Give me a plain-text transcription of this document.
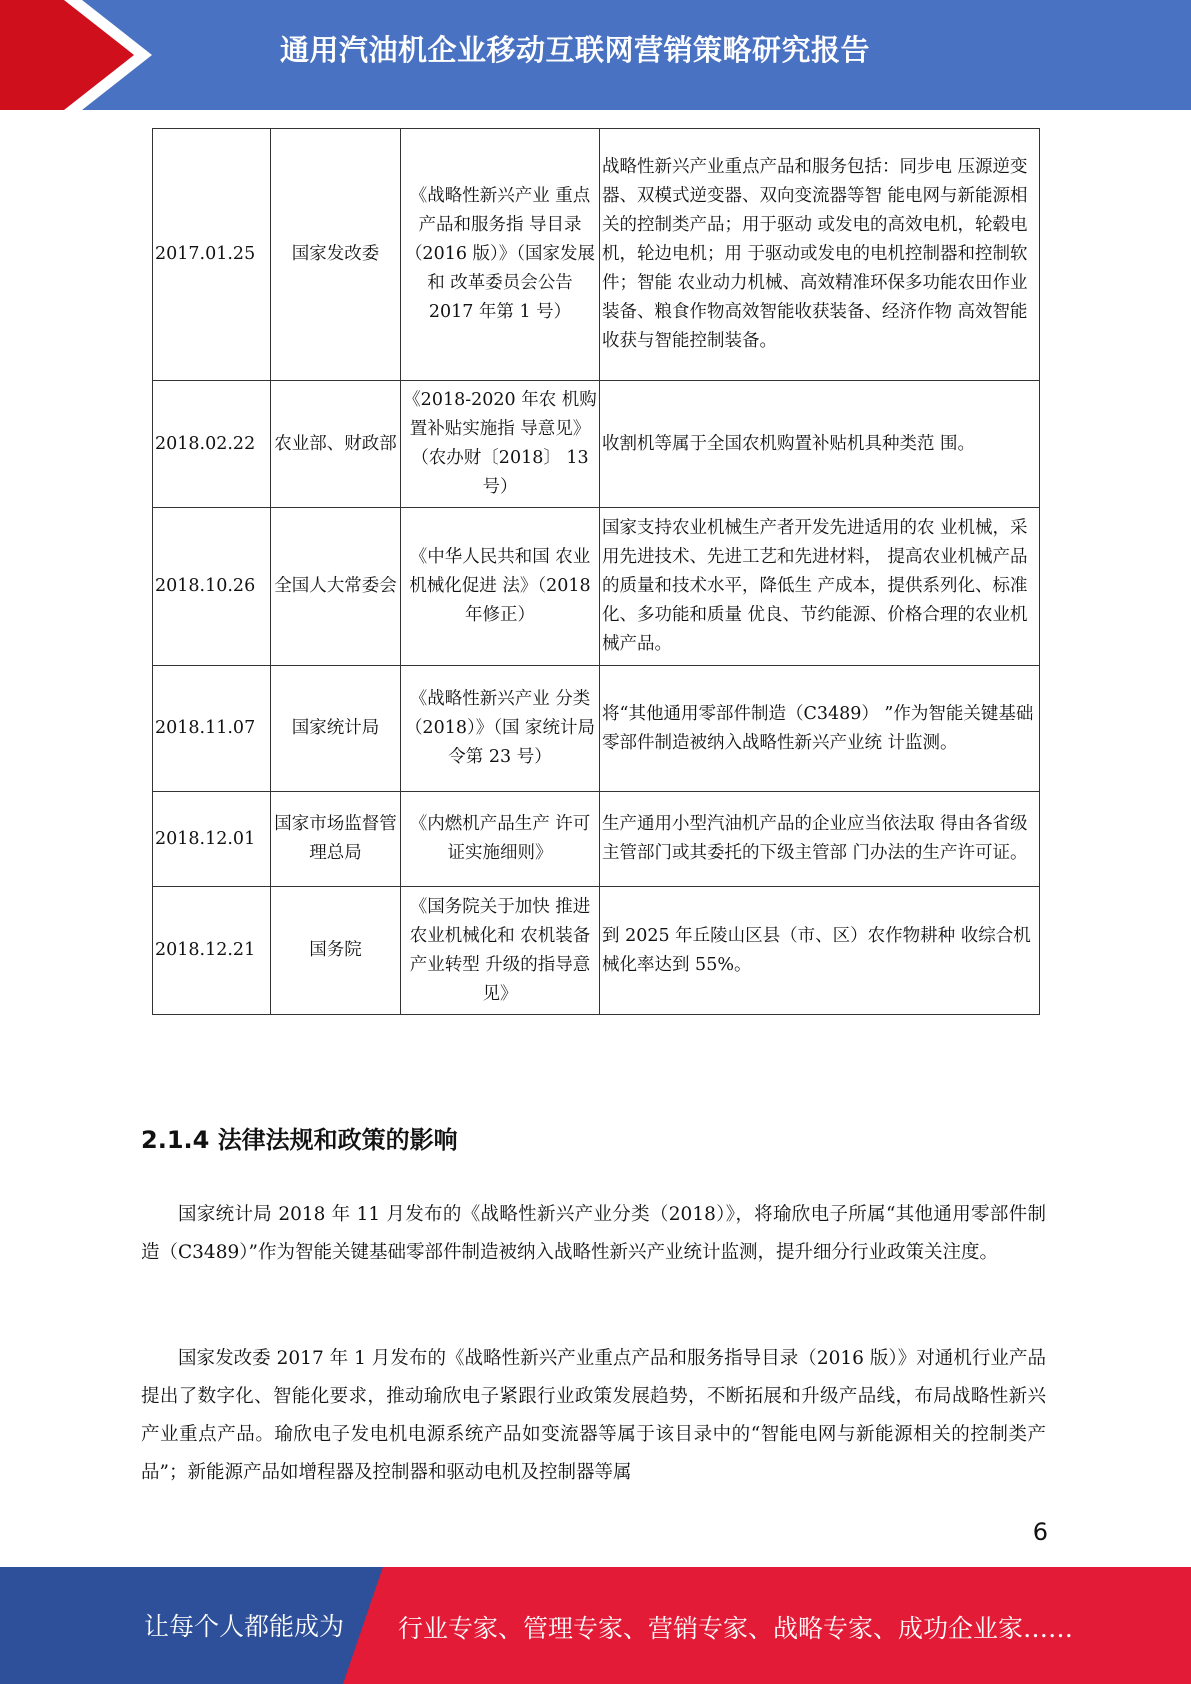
通用汽油机企业移动互联网营销策略研究报告
2017.01.25	国家发改委	《战略性新兴产业 重点产品和服务指 导目录（2016 版）》（国家发展和 改革委员会公告 2017 年第 1 号）	战略性新兴产业重点产品和服务包括：同步电 压源逆变器、双模式逆变器、双向变流器等智 能电网与新能源相关的控制类产品；用于驱动 或发电的高效电机，轮毂电机，轮边电机；用 于驱动或发电的电机控制器和控制软件；智能 农业动力机械、高效精准环保多功能农田作业 装备、粮食作物高效智能收获装备、经济作物 高效智能收获与智能控制装备。
2018.02.22	农业部、财政部	《2018-2020 年农 机购置补贴实施指 导意见》（农办财〔2018〕 13 号）	收割机等属于全国农机购置补贴机具种类范 围。
2018.10.26	全国人大常委会	《中华人民共和国 农业机械化促进 法》（2018 年修正）	国家支持农业机械生产者开发先进适用的农 业机械，采用先进技术、先进工艺和先进材料， 提高农业机械产品的质量和技术水平，降低生 产成本，提供系列化、标准化、多功能和质量 优良、节约能源、价格合理的农业机械产品。
2018.11.07	国家统计局	《战略性新兴产业 分类（2018）》（国 家统计局令第 23 号）	将“其他通用零部件制造（C3489） ”作为智能关键基础零部件制造被纳入战略性新兴产业统 计监测。
2018.12.01	国家市场监督管理总局	《内燃机产品生产 许可证实施细则》	生产通用小型汽油机产品的企业应当依法取 得由各省级主管部门或其委托的下级主管部 门办法的生产许可证。
2018.12.21	国务院	《国务院关于加快 推进农业机械化和 农机装备产业转型 升级的指导意见》	到 2025 年丘陵山区县（市、区）农作物耕种 收综合机械化率达到 55%。
2.1.4 法律法规和政策的影响

国家统计局 2018 年 11 月发布的《战略性新兴产业分类（2018）》，将瑜欣电子所属“其他通用零部件制造（C3489）”作为智能关键基础零部件制造被纳入战略性新兴产业统计监测，提升细分行业政策关注度。

国家发改委 2017 年 1 月发布的《战略性新兴产业重点产品和服务指导目录（2016 版）》对通机行业产品提出了数字化、智能化要求，推动瑜欣电子紧跟行业政策发展趋势，不断拓展和升级产品线，布局战略性新兴产业重点产品。瑜欣电子发电机电源系统产品如变流器等属于该目录中的“智能电网与新能源相关的控制类产品”；新能源产品如增程器及控制器和驱动电机及控制器等属

6
让每个人都能成为 行业专家、管理专家、营销专家、战略专家、成功企业家……
